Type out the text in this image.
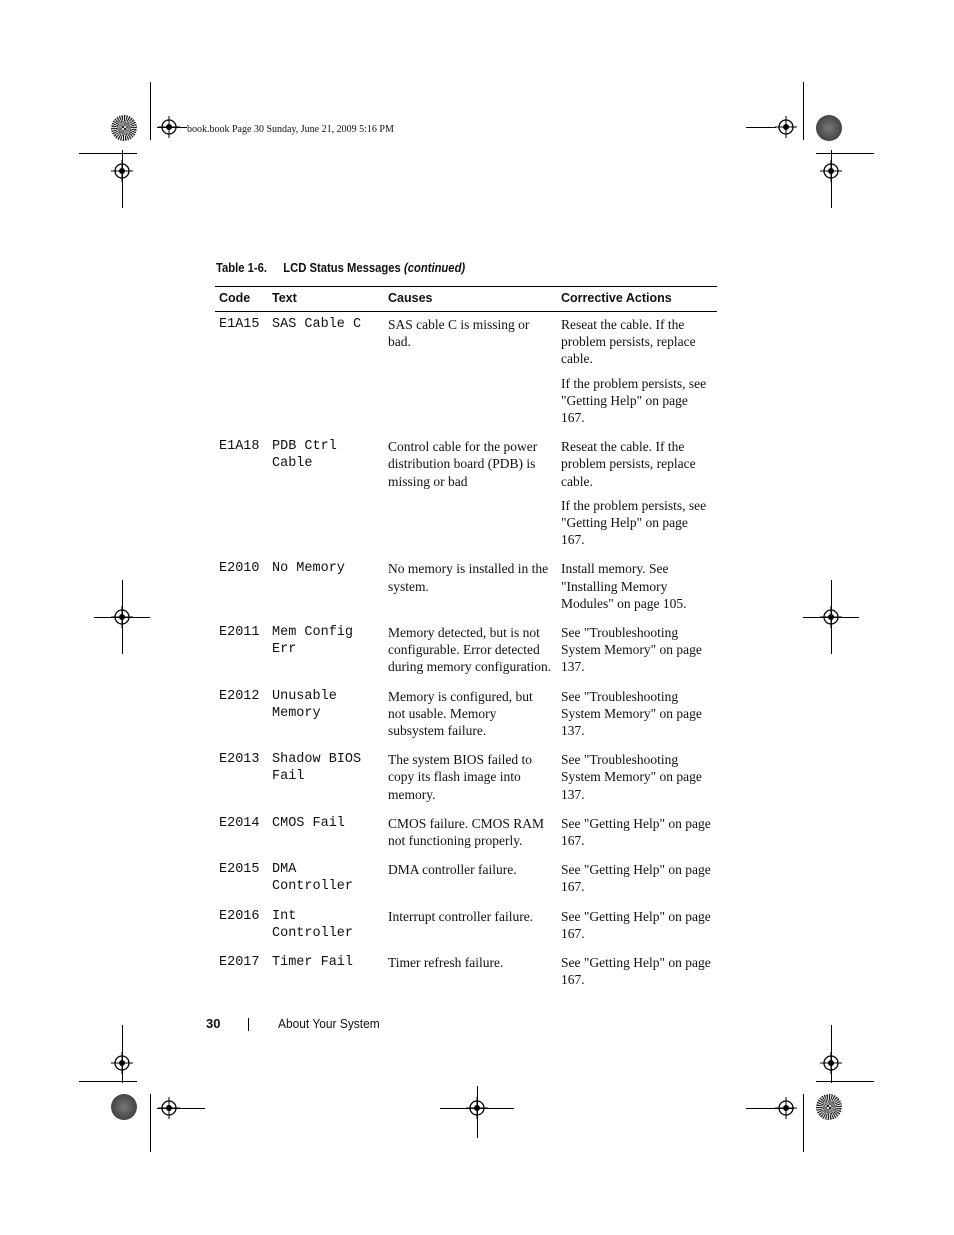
book.book Page 30 Sunday, June 21, 2009 5:16 PM
Table 1-6. LCD Status Messages (continued)
Code	Text	Causes	Corrective Actions
E1A15	SAS Cable C	SAS cable C is missing or bad.	Reseat the cable. If the problem persists, replace cable.

If the problem persists, see "Getting Help" on page 167.

E1A18	PDB Ctrl Cable	Control cable for the power distribution board (PDB) is missing or bad	Reseat the cable. If the problem persists, replace cable.

If the problem persists, see "Getting Help" on page 167.

E2010	No Memory	No memory is installed in the system.	Install memory. See "Installing Memory Modules" on page 105.

E2011	Mem Config Err	Memory detected, but is not configurable. Error detected during memory configuration.	See "Troubleshooting System Memory" on page 137.

E2012	Unusable Memory	Memory is configured, but not usable. Memory subsystem failure.	See "Troubleshooting System Memory" on page 137.

E2013	Shadow BIOS Fail	The system BIOS failed to copy its flash image into memory.	See "Troubleshooting System Memory" on page 137.

E2014	CMOS Fail	CMOS failure. CMOS RAM not functioning properly.	See "Getting Help" on page 167.

E2015	DMA Controller	DMA controller failure.	See "Getting Help" on page 167.

E2016	Int Controller	Interrupt controller failure.	See "Getting Help" on page 167.

E2017	Timer Fail	Timer refresh failure.	See "Getting Help" on page 167.

30	About Your System
